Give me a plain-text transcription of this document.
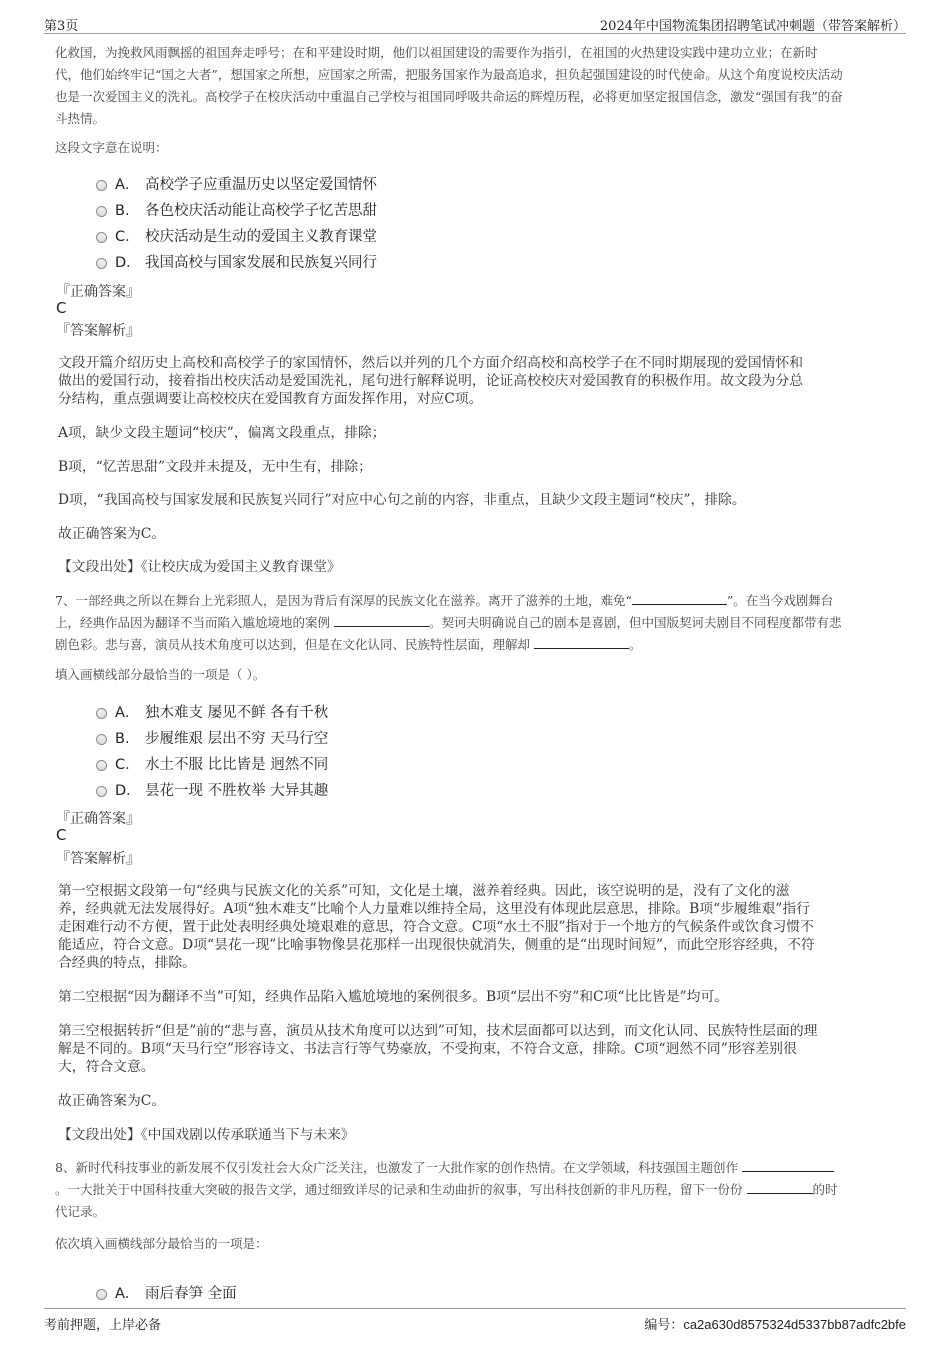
第3页	2024年中国物流集团招聘笔试冲刺题（带答案解析）
化救国，为挽救风雨飘摇的祖国奔走呼号；在和平建设时期，他们以祖国建设的需要作为指引，在祖国的火热建设实践中建功立业；在新时
代，他们始终牢记“国之大者”，想国家之所想，应国家之所需，把服务国家作为最高追求，担负起强国建设的时代使命。从这个角度说校庆活动
也是一次爱国主义的洗礼。高校学子在校庆活动中重温自己学校与祖国同呼吸共命运的辉煌历程，必将更加坚定报国信念，激发“强国有我”的奋
斗热情。
这段文字意在说明：
A． 高校学子应重温历史以坚定爱国情怀
B． 各色校庆活动能让高校学子忆苦思甜
C． 校庆活动是生动的爱国主义教育课堂
D． 我国高校与国家发展和民族复兴同行
『正确答案』
C
『答案解析』
文段开篇介绍历史上高校和高校学子的家国情怀，然后以并列的几个方面介绍高校和高校学子在不同时期展现的爱国情怀和
做出的爱国行动，接着指出校庆活动是爱国洗礼，尾句进行解释说明，论证高校校庆对爱国教育的积极作用。故文段为分总
分结构，重点强调要让高校校庆在爱国教育方面发挥作用，对应C项。
A项，缺少文段主题词“校庆”，偏离文段重点，排除；
B项，“忆苦思甜”文段并未提及，无中生有，排除；
D项，“我国高校与国家发展和民族复兴同行”对应中心句之前的内容，非重点，且缺少文段主题词“校庆”，排除。
故正确答案为C。
【文段出处】《让校庆成为爱国主义教育课堂》
7、一部经典之所以在舞台上光彩照人，是因为背后有深厚的民族文化在滋养。离开了滋养的土地，难免“	”。在当今戏剧舞台
上，经典作品因为翻译不当而陷入尴尬境地的案例	。契诃夫明确说自己的剧本是喜剧，但中国版契诃夫剧目不同程度都带有悲
剧色彩。悲与喜，演员从技术角度可以达到，但是在文化认同、民族特性层面，理解却	。
填入画横线部分最恰当的一项是（ ）。
A． 独木难支 屡见不鲜 各有千秋
B． 步履维艰 层出不穷 天马行空
C． 水土不服 比比皆是 迥然不同
D． 昙花一现 不胜枚举 大异其趣
『正确答案』
C
『答案解析』
第一空根据文段第一句“经典与民族文化的关系”可知，文化是土壤，滋养着经典。因此，该空说明的是，没有了文化的滋
养，经典就无法发展得好。A项“独木难支”比喻个人力量难以维持全局，这里没有体现此层意思，排除。B项“步履维艰”指行
走困难行动不方便，置于此处表明经典处境艰难的意思，符合文意。C项“水土不服”指对于一个地方的气候条件或饮食习惯不
能适应，符合文意。D项“昙花一现”比喻事物像昙花那样一出现很快就消失，侧重的是“出现时间短”，而此空形容经典，不符
合经典的特点，排除。
第二空根据“因为翻译不当”可知，经典作品陷入尴尬境地的案例很多。B项“层出不穷”和C项“比比皆是”均可。
第三空根据转折“但是”前的“悲与喜，演员从技术角度可以达到”可知，技术层面都可以达到，而文化认同、民族特性层面的理
解是不同的。B项“天马行空”形容诗文、书法言行等气势豪放，不受拘束，不符合文意，排除。C项“迥然不同”形容差别很
大，符合文意。
故正确答案为C。
【文段出处】《中国戏剧以传承联通当下与未来》
8、新时代科技事业的新发展不仅引发社会大众广泛关注，也激发了一大批作家的创作热情。在文学领域，科技强国主题创作
。一大批关于中国科技重大突破的报告文学，通过细致详尽的记录和生动曲折的叙事，写出科技创新的非凡历程，留下一份份	的时
代记录。
依次填入画横线部分最恰当的一项是：
A． 雨后春笋 全面
考前押题，上岸必备	编号：ca2a630d8575324d5337bb87adfc2bfe
